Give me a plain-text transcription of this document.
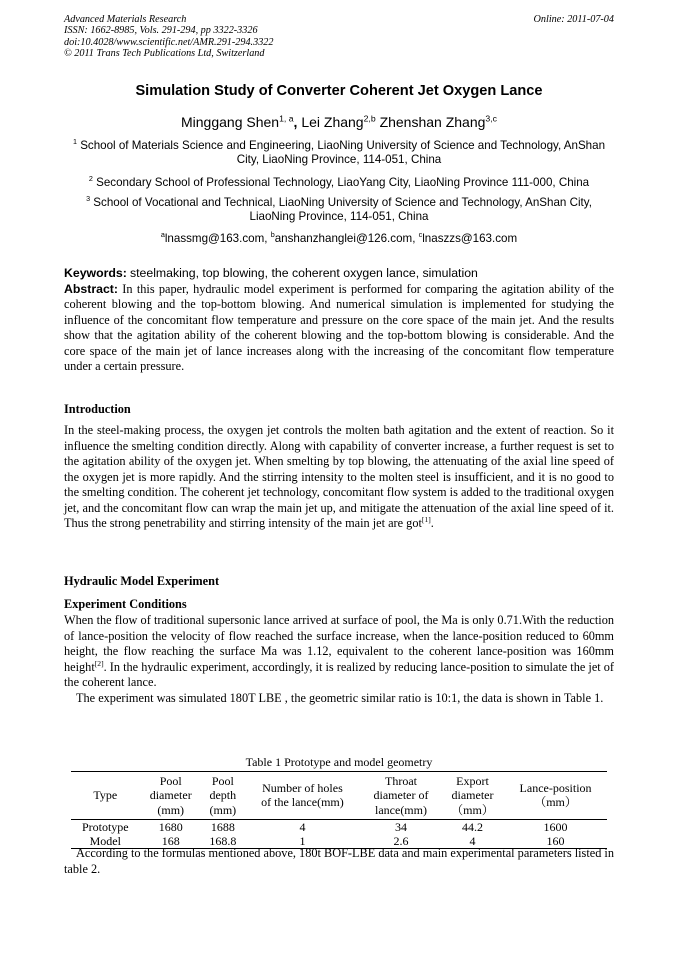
Advanced Materials Research
ISSN: 1662-8985, Vols. 291-294, pp 3322-3326
doi:10.4028/www.scientific.net/AMR.291-294.3322
© 2011 Trans Tech Publications Ltd, Switzerland
Online: 2011-07-04
Simulation Study of Converter Coherent Jet Oxygen Lance
Minggang Shen$^{1, a}$, Lei Zhang$^{2,b}$ Zhenshan Zhang$^{3,c}$
$^1$ School of Materials Science and Engineering, LiaoNing University of Science and Technology, AnShan City, LiaoNing Province, 114-051, China
$^2$ Secondary School of Professional Technology, LiaoYang City, LiaoNing Province 111-000, China
$^3$ School of Vocational and Technical, LiaoNing University of Science and Technology, AnShan City, LiaoNing Province, 114-051, China
$^a$lnassmg@163.com, $^b$anshanzhanglei@126.com, $^c$lnaszzs@163.com
Keywords: steelmaking, top blowing, the coherent oxygen lance, simulation
Abstract: In this paper, hydraulic model experiment is performed for comparing the agitation ability of the coherent blowing and the top-bottom blowing. And numerical simulation is implemented for studying the influence of the concomitant flow temperature and pressure on the core space of the main jet. And the results show that the agitation ability of the coherent blowing and the top-bottom blowing is considerable. And the core space of the main jet of lance increases along with the increasing of the concomitant flow temperature under a certain pressure.
Introduction
In the steel-making process, the oxygen jet controls the molten bath agitation and the extent of reaction. So it influence the smelting condition directly. Along with capability of converter increase, a further request is set to the agitation ability of the oxygen jet. When smelting by top blowing, the attenuating of the axial line speed of the oxygen jet is more rapidly. And the stirring intensity to the molten steel is insufficient, and it is no good to the smelting condition. The coherent jet technology, concomitant flow system is added to the traditional oxygen jet, and the concomitant flow can wrap the main jet up, and mitigate the attenuation of the axial line speed of it. Thus the strong penetrability and stirring intensity of the main jet are got[1].
Hydraulic Model Experiment
Experiment Conditions
When the flow of traditional supersonic lance arrived at surface of pool, the Ma is only 0.71.With the reduction of lance-position the velocity of flow reached the surface increase, when the lance-position reduced to 60mm height, the flow reaching the surface Ma was 1.12, equivalent to the coherent lance-position was 160mm height[2]. In the hydraulic experiment, accordingly, it is realized by reducing lance-position to simulate the jet of the coherent lance.
The experiment was simulated 180T LBE , the geometric similar ratio is 10:1, the data is shown in Table 1.
Table 1 Prototype and model geometry
Type	Pool
diameter
(mm)	Pool
depth
(mm)	Number of holes
of the lance(mm)	Throat
diameter of
lance(mm)	Export
diameter
（mm）	Lance-position
（mm）
Prototype	1680	1688	4	34	44.2	1600
Model	168	168.8	1	2.6	4	160
According to the formulas mentioned above, 180t BOF-LBE data and main experimental parameters listed in table 2.
